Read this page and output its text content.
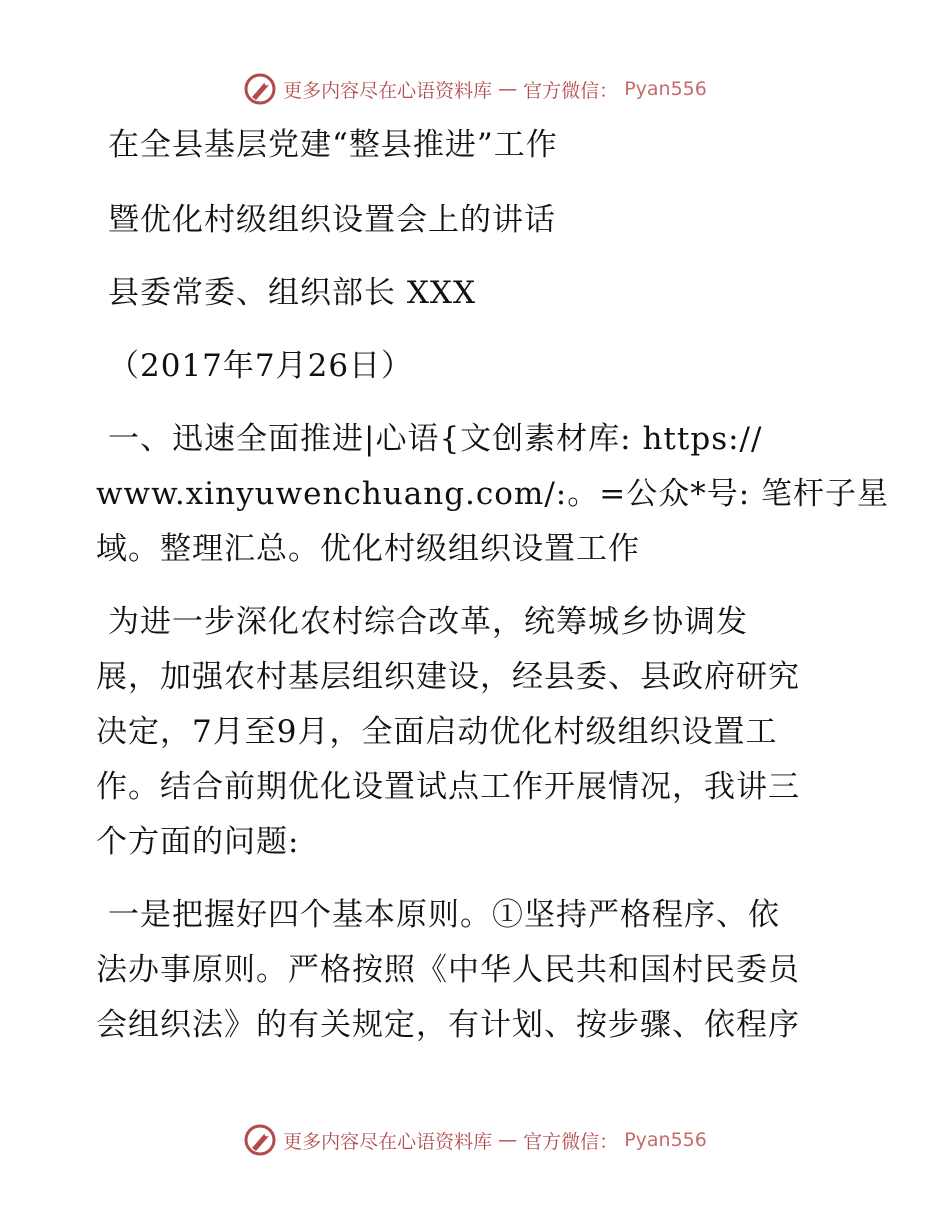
更多内容尽在心语资料库 — 官方微信： Pyan556
在全县基层党建“整县推进”工作
暨优化村级组织设置会上的讲话
县委常委、组织部长 XXX
（2017年7月26日）
一、迅速全面推进|心语{文创素材库: https://
www.xinyuwenchuang.com/:。=公众*号: 笔杆子星
域。整理汇总。优化村级组织设置工作
为进一步深化农村综合改革，统筹城乡协调发
展，加强农村基层组织建设，经县委、县政府研究
决定，7月至9月，全面启动优化村级组织设置工
作。结合前期优化设置试点工作开展情况，我讲三
个方面的问题:
一是把握好四个基本原则。①坚持严格程序、依
法办事原则。严格按照《中华人民共和国村民委员
会组织法》的有关规定，有计划、按步骤、依程序
更多内容尽在心语资料库 — 官方微信： Pyan556
